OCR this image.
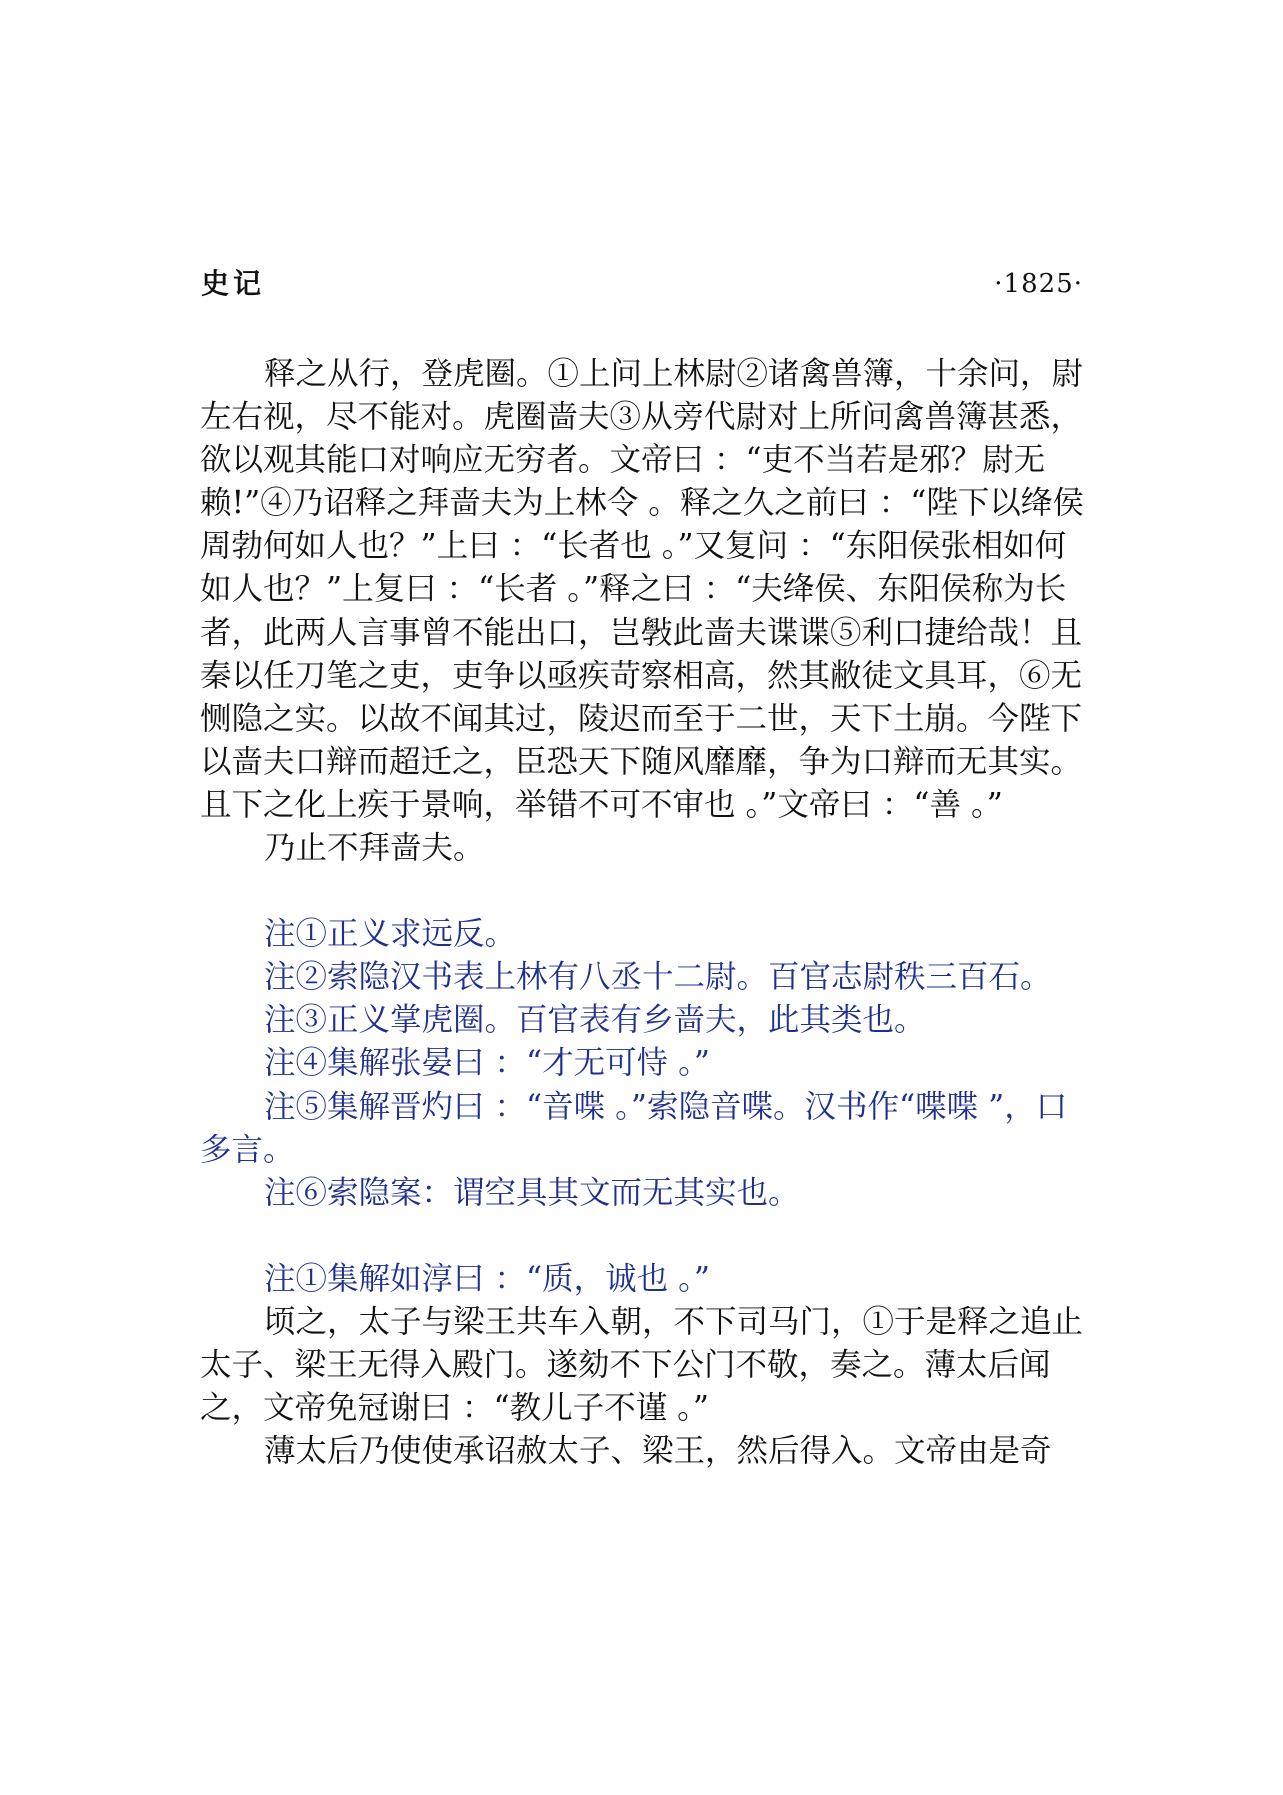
史记	·1825·

释之从行，登虎圈。①上问上林尉②诸禽兽簿，十余问，尉左右视，尽不能对。虎圈啬夫③从旁代尉对上所问禽兽簿甚悉，欲以观其能口对响应无穷者。文帝曰 ：“吏不当若是邪？尉无赖!”④乃诏释之拜啬夫为上林令 。释之久之前曰 ：“陛下以绛侯周勃何如人也？”上曰 ：“长者也 。”又复问 ：“东阳侯张相如何如人也？”上复曰 ：“长者 。”释之曰 ：“夫绛侯、东阳侯称为长者，此两人言事曾不能出口，岂斅此啬夫谍谍⑤利口捷给哉！且秦以任刀笔之吏，吏争以亟疾苛察相高，然其敝徒文具耳，⑥无恻隐之实。以故不闻其过，陵迟而至于二世，天下土崩。今陛下以啬夫口辩而超迁之，臣恐天下随风靡靡，争为口辩而无其实。且下之化上疾于景响，举错不可不审也 。”文帝曰 ：“善 。”

乃止不拜啬夫。

注①正义求远反。

注②索隐汉书表上林有八丞十二尉。百官志尉秩三百石。

注③正义掌虎圈。百官表有乡啬夫，此其类也。

注④集解张晏曰 ：“才无可恃 。”

注⑤集解晋灼曰 ：“音喋 。”索隐音喋。汉书作“喋喋 ”，口多言。

注⑥索隐案：谓空具其文而无其实也。

注①集解如淳曰 ：“质，诚也 。”

顷之，太子与梁王共车入朝，不下司马门，①于是释之追止太子、梁王无得入殿门。遂劾不下公门不敬，奏之。薄太后闻之，文帝免冠谢曰 ：“教儿子不谨 。”

薄太后乃使使承诏赦太子、梁王，然后得入。文帝由是奇
